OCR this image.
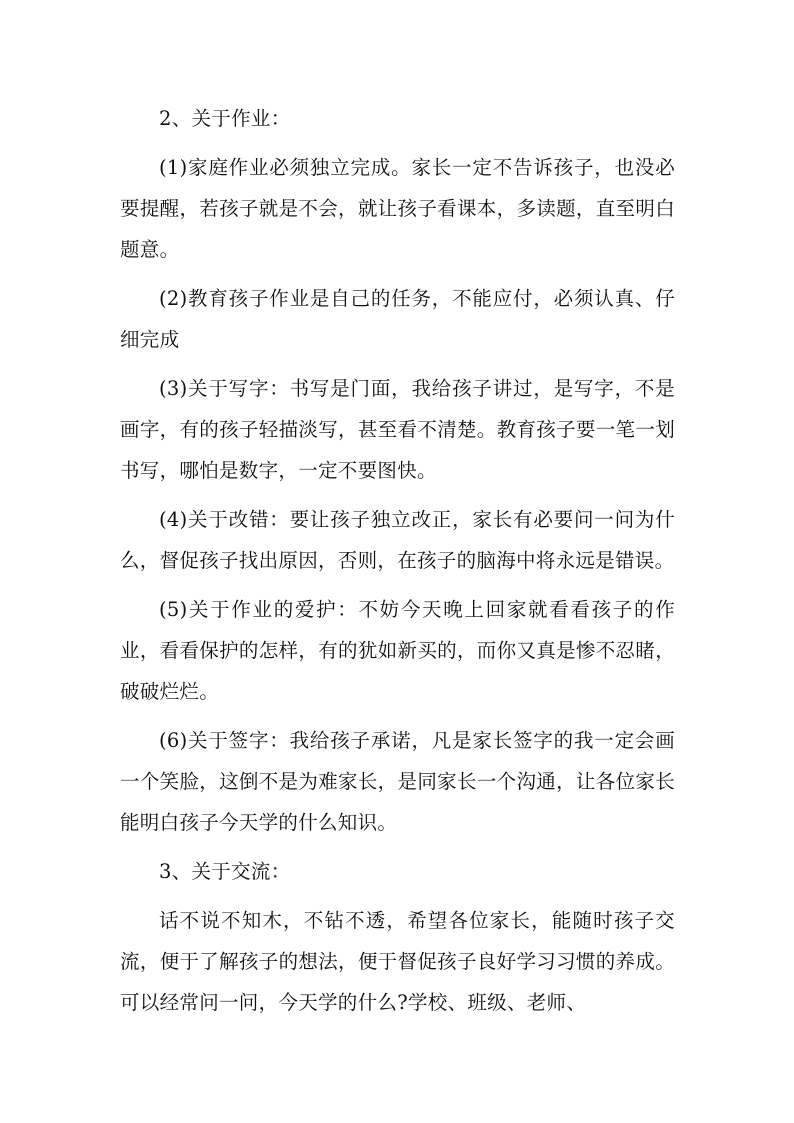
2、关于作业：

(1)家庭作业必须独立完成。家长一定不告诉孩子，也没必要提醒，若孩子就是不会，就让孩子看课本，多读题，直至明白题意。

(2)教育孩子作业是自己的任务，不能应付，必须认真、仔细完成

(3)关于写字：书写是门面，我给孩子讲过，是写字，不是画字，有的孩子轻描淡写，甚至看不清楚。教育孩子要一笔一划书写，哪怕是数字，一定不要图快。

(4)关于改错：要让孩子独立改正，家长有必要问一问为什么，督促孩子找出原因，否则，在孩子的脑海中将永远是错误。

(5)关于作业的爱护：不妨今天晚上回家就看看孩子的作业，看看保护的怎样，有的犹如新买的，而你又真是惨不忍睹，破破烂烂。

(6)关于签字：我给孩子承诺，凡是家长签字的我一定会画一个笑脸，这倒不是为难家长，是同家长一个沟通，让各位家长能明白孩子今天学的什么知识。

3、关于交流：

话不说不知木，不钻不透，希望各位家长，能随时孩子交流，便于了解孩子的想法，便于督促孩子良好学习习惯的养成。可以经常问一问，今天学的什么?学校、班级、老师、
